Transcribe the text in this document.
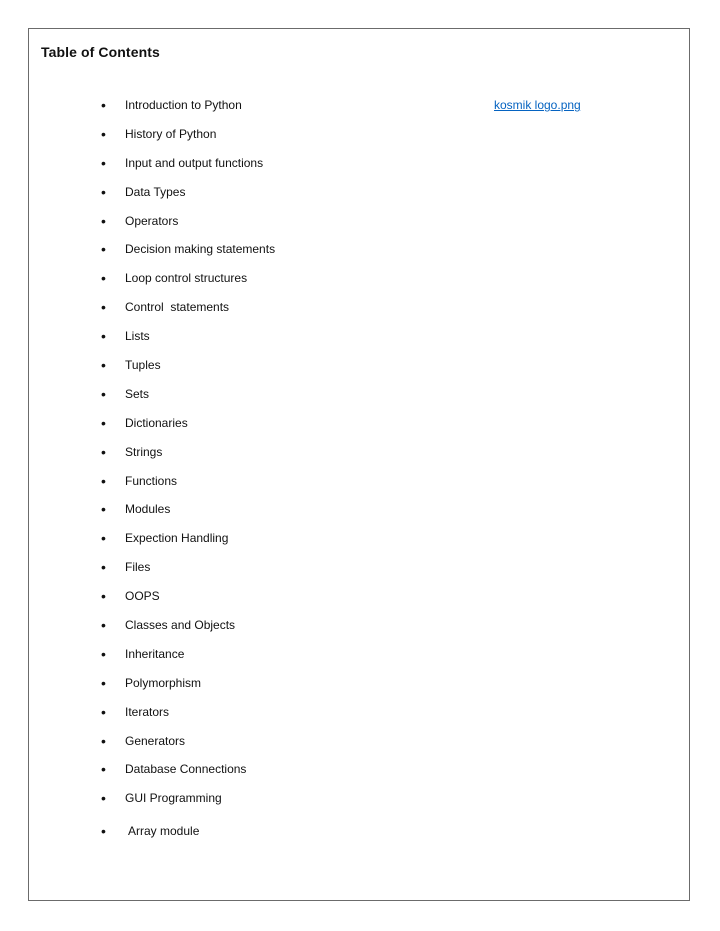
Table of Contents
kosmik logo.png
• Introduction to Python
• History of Python
• Input and output functions
• Data Types
• Operators
• Decision making statements
• Loop control structures
• Control  statements
• Lists
• Tuples
• Sets
• Dictionaries
• Strings
• Functions
• Modules
• Expection Handling
• Files
• OOPS
• Classes and Objects
• Inheritance
• Polymorphism
• Iterators
• Generators
• Database Connections
• GUI Programming
• Array module
